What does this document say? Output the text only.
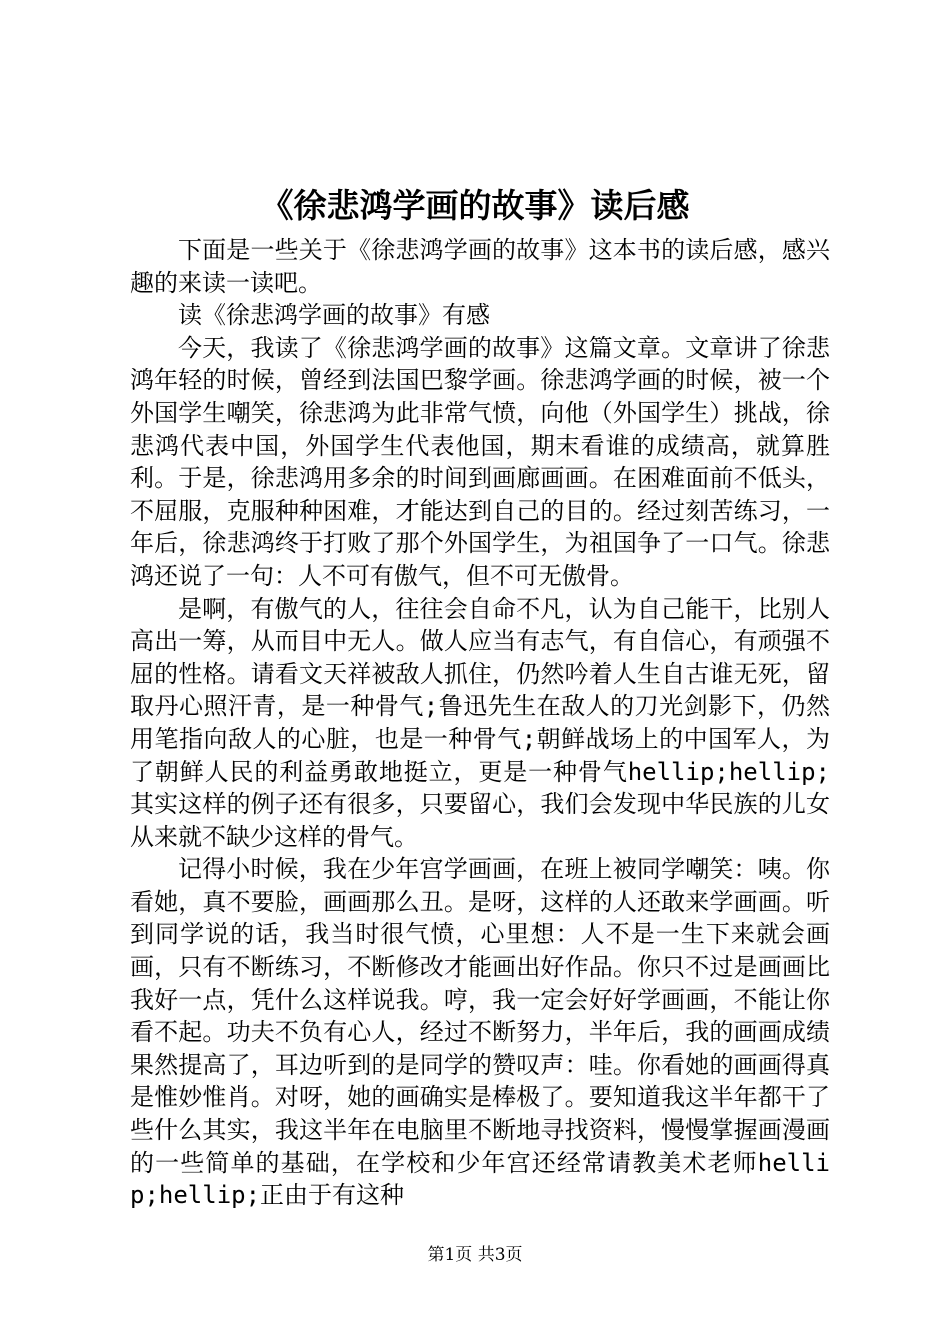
《徐悲鸿学画的故事》读后感

下面是一些关于《徐悲鸿学画的故事》这本书的读后感，感兴趣的来读一读吧。

读《徐悲鸿学画的故事》有感

今天，我读了《徐悲鸿学画的故事》这篇文章。文章讲了徐悲鸿年轻的时候，曾经到法国巴黎学画。徐悲鸿学画的时候，被一个外国学生嘲笑，徐悲鸿为此非常气愤，向他（外国学生）挑战，徐悲鸿代表中国，外国学生代表他国，期末看谁的成绩高，就算胜利。于是，徐悲鸿用多余的时间到画廊画画。在困难面前不低头，不屈服，克服种种困难，才能达到自己的目的。经过刻苦练习，一年后，徐悲鸿终于打败了那个外国学生，为祖国争了一口气。徐悲鸿还说了一句：人不可有傲气，但不可无傲骨。

是啊，有傲气的人，往往会自命不凡，认为自己能干，比别人高出一筹，从而目中无人。做人应当有志气，有自信心，有顽强不屈的性格。请看文天祥被敌人抓住，仍然吟着人生自古谁无死，留取丹心照汗青，是一种骨气;鲁迅先生在敌人的刀光剑影下，仍然用笔指向敌人的心脏，也是一种骨气;朝鲜战场上的中国军人，为了朝鲜人民的利益勇敢地挺立，更是一种骨气hellip;hellip;其实这样的例子还有很多，只要留心，我们会发现中华民族的儿女从来就不缺少这样的骨气。

记得小时候，我在少年宫学画画，在班上被同学嘲笑：咦。你看她，真不要脸，画画那么丑。是呀，这样的人还敢来学画画。听到同学说的话，我当时很气愤，心里想：人不是一生下来就会画画，只有不断练习，不断修改才能画出好作品。你只不过是画画比我好一点，凭什么这样说我。哼，我一定会好好学画画，不能让你看不起。功夫不负有心人，经过不断努力，半年后，我的画画成绩果然提高了，耳边听到的是同学的赞叹声：哇。你看她的画画得真是惟妙惟肖。对呀，她的画确实是棒极了。要知道我这半年都干了些什么其实，我这半年在电脑里不断地寻找资料，慢慢掌握画漫画的一些简单的基础，在学校和少年宫还经常请教美术老师hellip;hellip;正由于有这种

第1页 共3页
